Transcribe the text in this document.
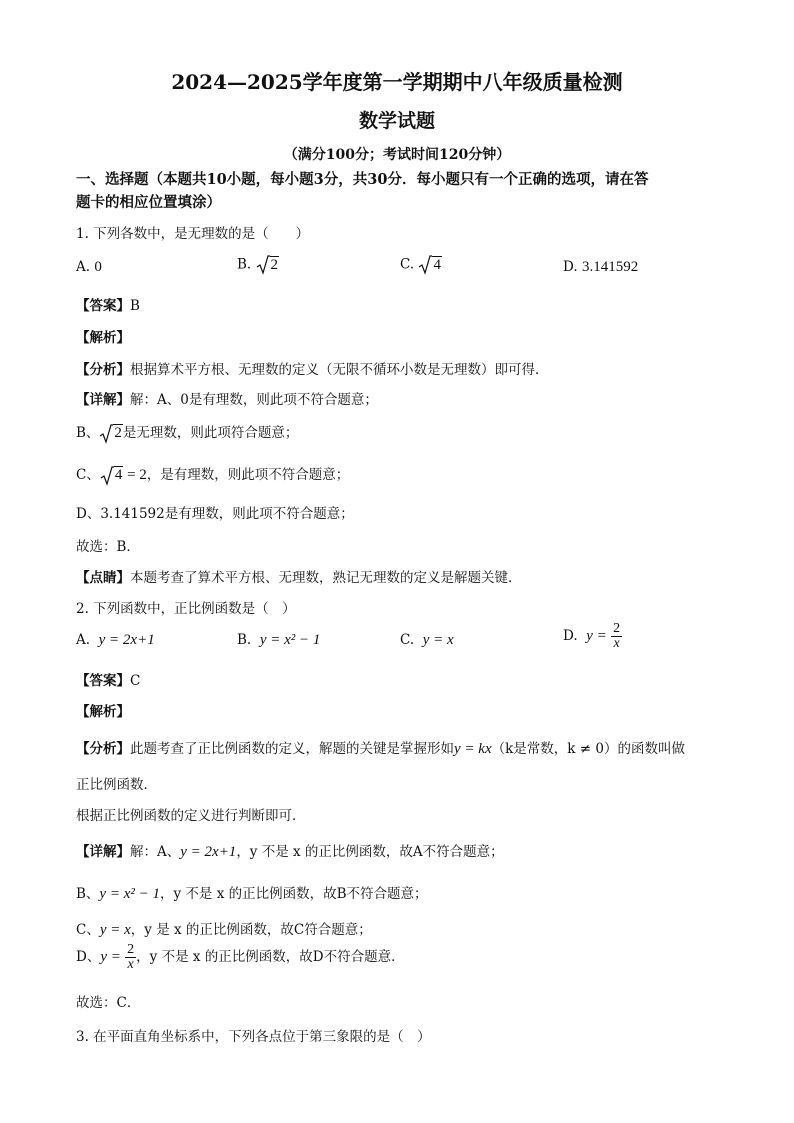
2024—2025学年度第一学期期中八年级质量检测
数学试题
（满分100分；考试时间120分钟）
一、选择题（本题共10小题，每小题3分，共30分．每小题只有一个正确的选项，请在答
题卡的相应位置填涂）
1. 下列各数中，是无理数的是（　　）
A. 0	B. 2	C. 4	D. 3.141592
【答案】B
【解析】
【分析】根据算术平方根、无理数的定义（无限不循环小数是无理数）即可得．
【详解】解：A、0是有理数，则此项不符合题意；
B、 2是无理数，则此项符合题意；
C、 4 = 2，是有理数，则此项不符合题意；
D、3.141592是有理数，则此项不符合题意；
故选：B．
【点睛】本题考查了算术平方根、无理数，熟记无理数的定义是解题关键．
2. 下列函数中，正比例函数是（　）
A. y = 2x+1	B. y = x² − 1	C. y = x	D. $y = \frac{2}{x}$
【答案】C
【解析】
【分析】此题考查了正比例函数的定义，解题的关键是掌握形如y = kx（k是常数，k ≠ 0）的函数叫做
正比例函数．
根据正比例函数的定义进行判断即可．
【详解】解：A、y = 2x+1，y 不是 x 的正比例函数，故A不符合题意；
B、y = x² − 1，y 不是 x 的正比例函数，故B不符合题意；
C、y = x，y 是 x 的正比例函数，故C符合题意；
D、$y = \frac{2}{x}$ ，y 不是 x 的正比例函数，故D不符合题意．
故选：C．
3. 在平面直角坐标系中，下列各点位于第三象限的是（　）
